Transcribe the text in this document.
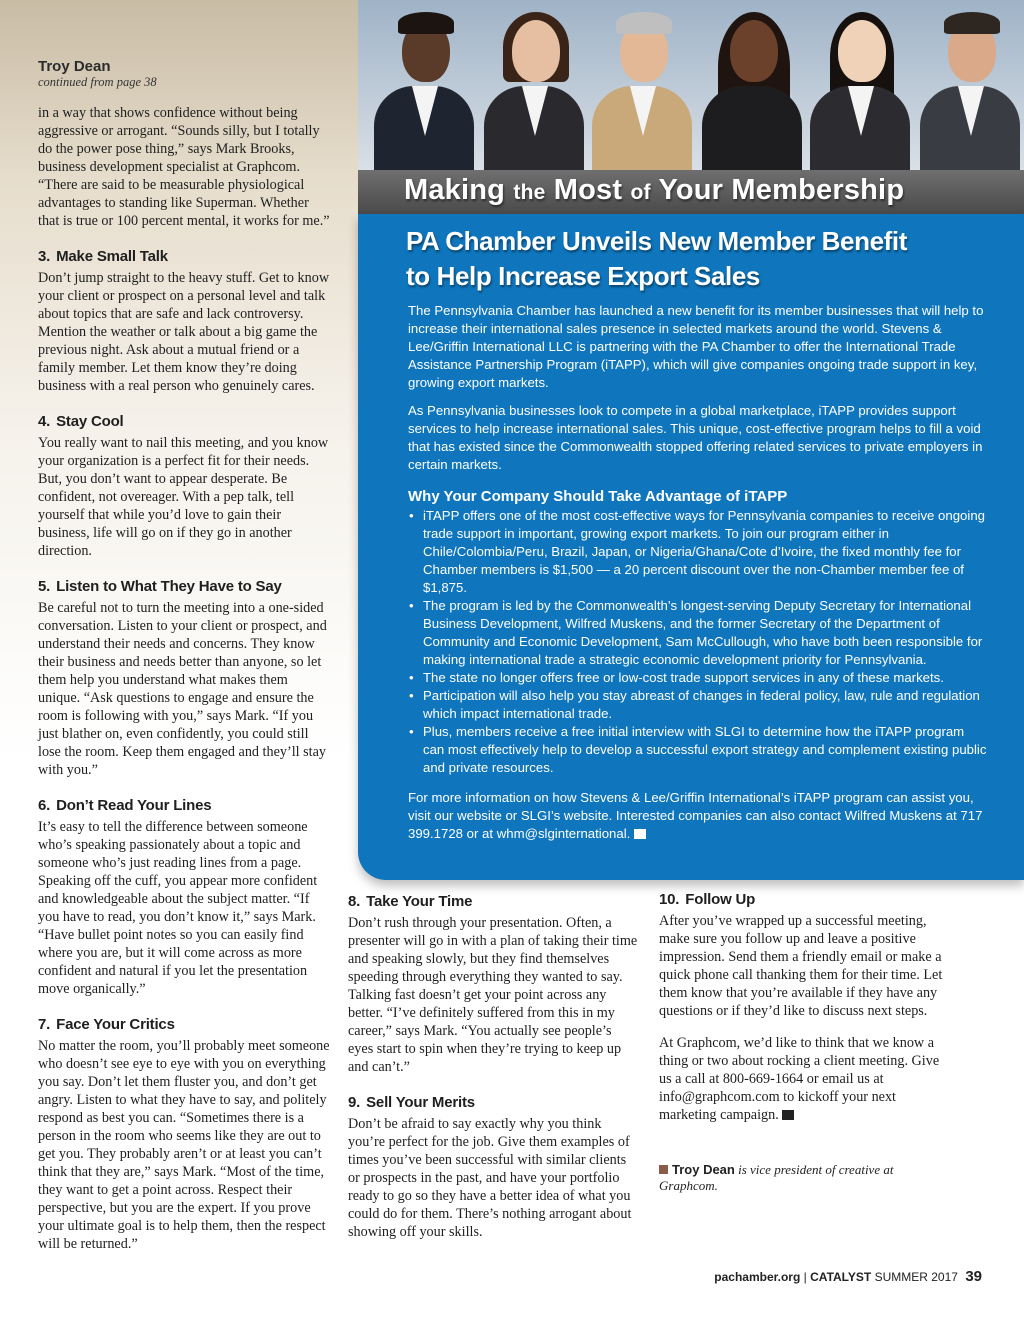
Troy Dean
continued from page 38

in a way that shows confidence without being aggressive or arrogant. “Sounds silly, but I totally do the power pose thing,” says Mark Brooks, business development specialist at Graphcom. “There are said to be measurable physiological advantages to standing like Superman. Whether that is true or 100 percent mental, it works for me.”

3. Make Small Talk

Don’t jump straight to the heavy stuff. Get to know your client or prospect on a personal level and talk about topics that are safe and lack controversy. Mention the weather or talk about a big game the previous night. Ask about a mutual friend or a family member. Let them know they’re doing business with a real person who genuinely cares.

4. Stay Cool

You really want to nail this meeting, and you know your organization is a perfect fit for their needs. But, you don’t want to appear desperate. Be confident, not overeager. With a pep talk, tell yourself that while you’d love to gain their business, life will go on if they go in another direction.

5. Listen to What They Have to Say

Be careful not to turn the meeting into a one-sided conversation. Listen to your client or prospect, and understand their needs and concerns. They know their business and needs better than anyone, so let them help you understand what makes them unique. “Ask questions to engage and ensure the room is following with you,” says Mark. “If you just blather on, even confidently, you could still lose the room. Keep them engaged and they’ll stay with you.”

6. Don’t Read Your Lines

It’s easy to tell the difference between someone who’s speaking passionately about a topic and someone who’s just reading lines from a page. Speaking off the cuff, you appear more confident and knowledgeable about the subject matter. “If you have to read, you don’t know it,” says Mark. “Have bullet point notes so you can easily find where you are, but it will come across as more confident and natural if you let the presentation move organically.”

7. Face Your Critics

No matter the room, you’ll probably meet someone who doesn’t see eye to eye with you on everything you say. Don’t let them fluster you, and don’t get angry. Listen to what they have to say, and politely respond as best you can. “Sometimes there is a person in the room who seems like they are out to get you. They probably aren’t or at least you can’t think that they are,” says Mark. “Most of the time, they want to get a point across. Respect their perspective, but you are the expert. If you prove your ultimate goal is to help them, then the respect will be returned.”

Making the Most of Your Membership
PA Chamber Unveils New Member Benefit
to Help Increase Export Sales

The Pennsylvania Chamber has launched a new benefit for its member businesses that will help to increase their international sales presence in selected markets around the world. Stevens & Lee/Griffin International LLC is partnering with the PA Chamber to offer the International Trade Assistance Partnership Program (iTAPP), which will give companies ongoing trade support in key, growing export markets.

As Pennsylvania businesses look to compete in a global marketplace, iTAPP provides support services to help increase international sales. This unique, cost-effective program helps to fill a void that has existed since the Commonwealth stopped offering related services to private employers in certain markets.

Why Your Company Should Take Advantage of iTAPP
• iTAPP offers one of the most cost-effective ways for Pennsylvania companies to receive ongoing trade support in important, growing export markets. To join our program either in Chile/Colombia/Peru, Brazil, Japan, or Nigeria/Ghana/Cote d’Ivoire, the fixed monthly fee for Chamber members is $1,500 — a 20 percent discount over the non-Chamber member fee of $1,875.
• The program is led by the Commonwealth’s longest-serving Deputy Secretary for International Business Development, Wilfred Muskens, and the former Secretary of the Department of Community and Economic Development, Sam McCullough, who have both been responsible for making international trade a strategic economic development priority for Pennsylvania.
• The state no longer offers free or low-cost trade support services in any of these markets.
• Participation will also help you stay abreast of changes in federal policy, law, rule and regulation which impact international trade.
• Plus, members receive a free initial interview with SLGI to determine how the iTAPP program can most effectively help to develop a successful export strategy and complement existing public and private resources.

For more information on how Stevens & Lee/Griffin International’s iTAPP program can assist you, visit our website or SLGI’s website. Interested companies can also contact Wilfred Muskens at 717 399.1728 or at whm@slginternational.

8. Take Your Time

Don’t rush through your presentation. Often, a presenter will go in with a plan of taking their time and speaking slowly, but they find themselves speeding through everything they wanted to say. Talking fast doesn’t get your point across any better. “I’ve definitely suffered from this in my career,” says Mark. “You actually see people’s eyes start to spin when they’re trying to keep up and can’t.”

9. Sell Your Merits

Don’t be afraid to say exactly why you think you’re perfect for the job. Give them examples of times you’ve been successful with similar clients or prospects in the past, and have your portfolio ready to go so they have a better idea of what you could do for them. There’s nothing arrogant about showing off your skills.

10. Follow Up

After you’ve wrapped up a successful meeting, make sure you follow up and leave a positive impression. Send them a friendly email or make a quick phone call thanking them for their time. Let them know that you’re available if they have any questions or if they’d like to discuss next steps.

At Graphcom, we’d like to think that we know a thing or two about rocking a client meeting. Give us a call at 800-669-1664 or email us at info@graphcom.com to kickoff your next marketing campaign.

Troy Dean is vice president of creative at Graphcom.

pachamber.org | CATALYST SUMMER 2017 39
